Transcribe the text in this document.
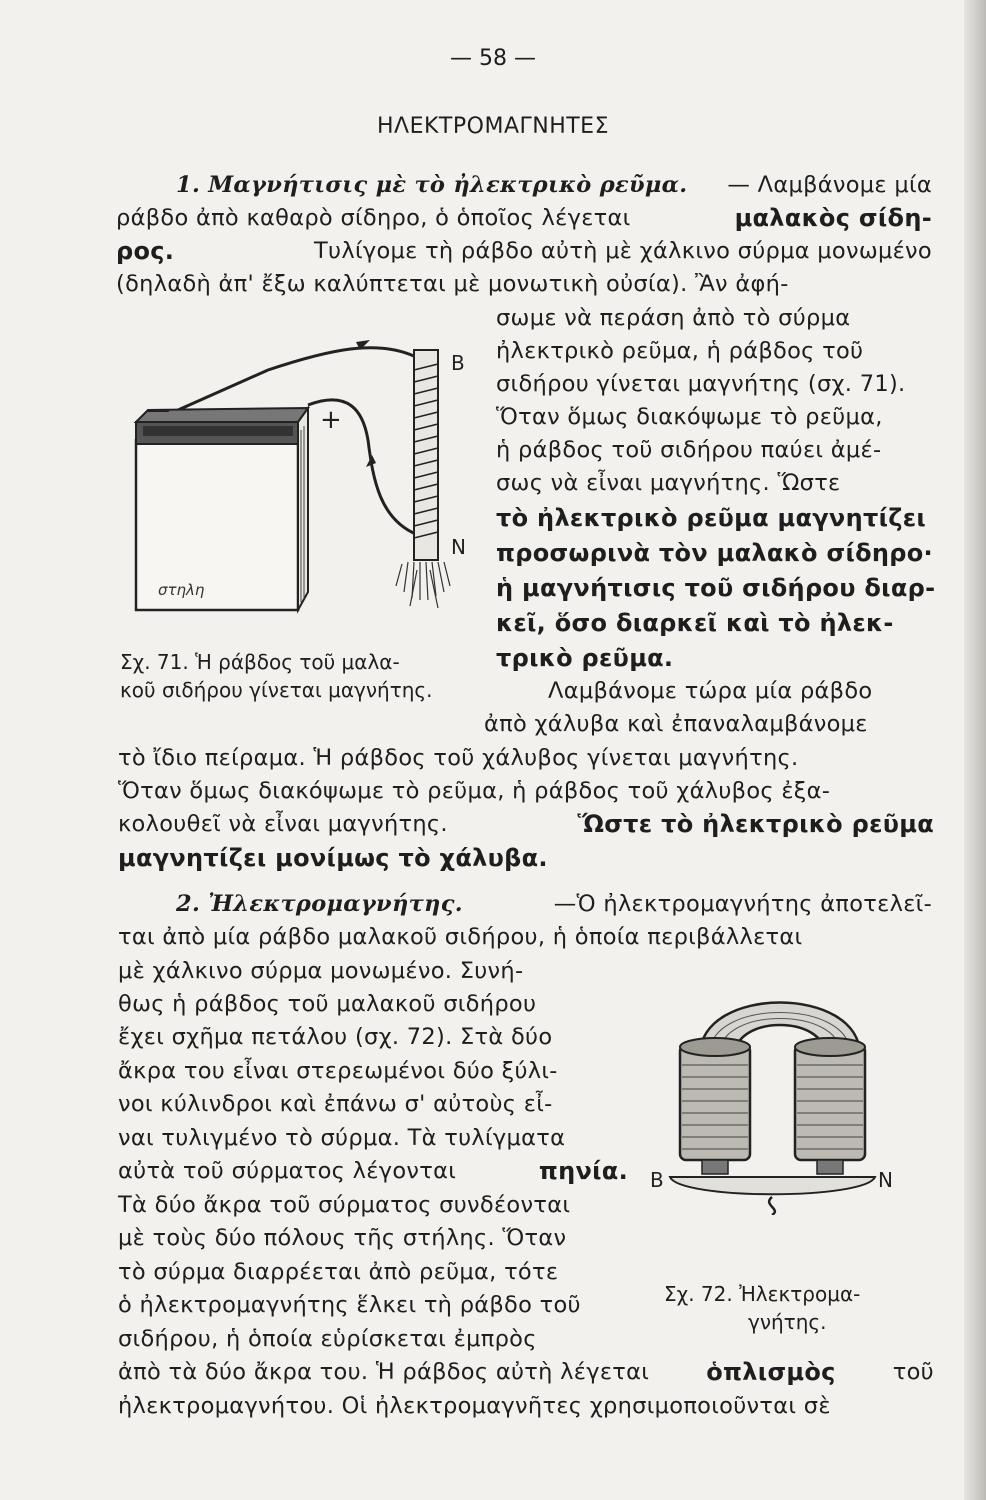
— 58 —
ΗΛΕΚΤΡΟΜΑΓΝΗΤΕΣ
1. Μαγνήτισις μὲ τὸ ἠλεκτρικὸ ρεῦμα. — Λαμβάνομε μία
ράβδο ἀπὸ καθαρὸ σίδηρο, ὁ ὁποῖος λέγεται	μαλακὸς σίδη-
ρος.	Τυλίγομε τὴ ράβδο αὐτὴ μὲ χάλκινο σύρμα μονωμένο
(δηλαδὴ ἀπ' ἔξω καλύπτεται μὲ μονωτικὴ οὐσία). Ἂν ἀφή-
σωμε νὰ περάση ἀπὸ τὸ σύρμα
ἠλεκτρικὸ ρεῦμα, ἡ ράβδος τοῦ
σιδήρου γίνεται μαγνήτης (σχ. 71).
Ὅταν ὅμως διακόψωμε τὸ ρεῦμα,
ἡ ράβδος τοῦ σιδήρου παύει ἀμέ-
σως νὰ εἶναι μαγνήτης. Ὥστε
τὸ ἠλεκτρικὸ ρεῦμα μαγνητίζει
προσωρινὰ τὸν μαλακὸ σίδηρο·
ἡ μαγνήτισις τοῦ σιδήρου διαρ-
κεῖ, ὅσο διαρκεῖ καὶ τὸ ἠλεκ-
τρικὸ ρεῦμα.
Λαμβάνομε τώρα μία ράβδο
ἀπὸ χάλυβα καὶ ἐπαναλαμβάνομε
τὸ ἴδιο πείραμα. Ἡ ράβδος τοῦ χάλυβος γίνεται μαγνήτης.
Ὅταν ὅμως διακόψωμε τὸ ρεῦμα, ἡ ράβδος τοῦ χάλυβος ἐξα-
κολουθεῖ νὰ εἶναι μαγνήτης.	Ὥστε τὸ ἠλεκτρικὸ ρεῦμα
μαγνητίζει μονίμως τὸ χάλυβα.
στηλη
—	+
B
N
Σχ. 71. Ἡ ράβδος τοῦ μαλα-
κοῦ σιδήρου γίνεται μαγνήτης.
2. Ἠλεκτρομαγνήτης.	—Ὁ ἠλεκτρομαγνήτης ἀποτελεῖ-
ται ἀπὸ μία ράβδο μαλακοῦ σιδήρου, ἡ ὁποία περιβάλλεται
μὲ χάλκινο σύρμα μονωμένο. Συνή-
θως ἡ ράβδος τοῦ μαλακοῦ σιδήρου
ἔχει σχῆμα πετάλου (σχ. 72). Στὰ δύο
ἄκρα του εἶναι στερεωμένοι δύο ξύλι-
νοι κύλινδροι καὶ ἐπάνω σ' αὐτοὺς εἶ-
ναι τυλιγμένο τὸ σύρμα. Τὰ τυλίγματα
αὐτὰ τοῦ σύρματος λέγονται	πηνία.
Τὰ δύο ἄκρα τοῦ σύρματος συνδέονται
μὲ τοὺς δύο πόλους τῆς στήλης. Ὅταν
τὸ σύρμα διαρρέεται ἀπὸ ρεῦμα, τότε
ὁ ἠλεκτρομαγνήτης ἕλκει τὴ ράβδο τοῦ
σιδήρου, ἡ ὁποία εὑρίσκεται ἐμπρὸς
ἀπὸ τὰ δύο ἄκρα του. Ἡ ράβδος αὐτὴ λέγεται ὁπλισμὸς	τοῦ
ἠλεκτρομαγνήτου. Οἱ ἠλεκτρομαγνῆτες χρησιμοποιοῦνται σὲ
B	N
Σχ. 72. Ἠλεκτρομα-
γνήτης.
